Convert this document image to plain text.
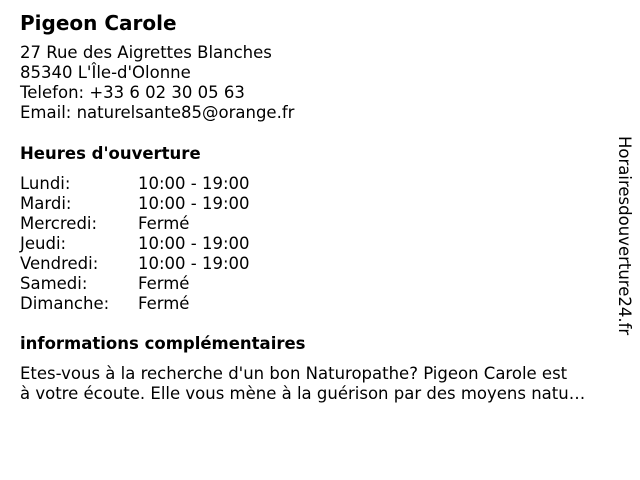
Pigeon Carole
27 Rue des Aigrettes Blanches
85340 L'Île-d'Olonne
Telefon: +33 6 02 30 05 63
Email: naturelsante85@orange.fr
Heures d'ouverture
Lundi:	10:00 - 19:00
Mardi:	10:00 - 19:00
Mercredi:	Fermé
Jeudi:	10:00 - 19:00
Vendredi:	10:00 - 19:00
Samedi:	Fermé
Dimanche:	Fermé
informations complémentaires
Etes-vous à la recherche d'un bon Naturopathe? Pigeon Carole est
à votre écoute. Elle vous mène à la guérison par des moyens natu…
Horairesdouverture24.fr
